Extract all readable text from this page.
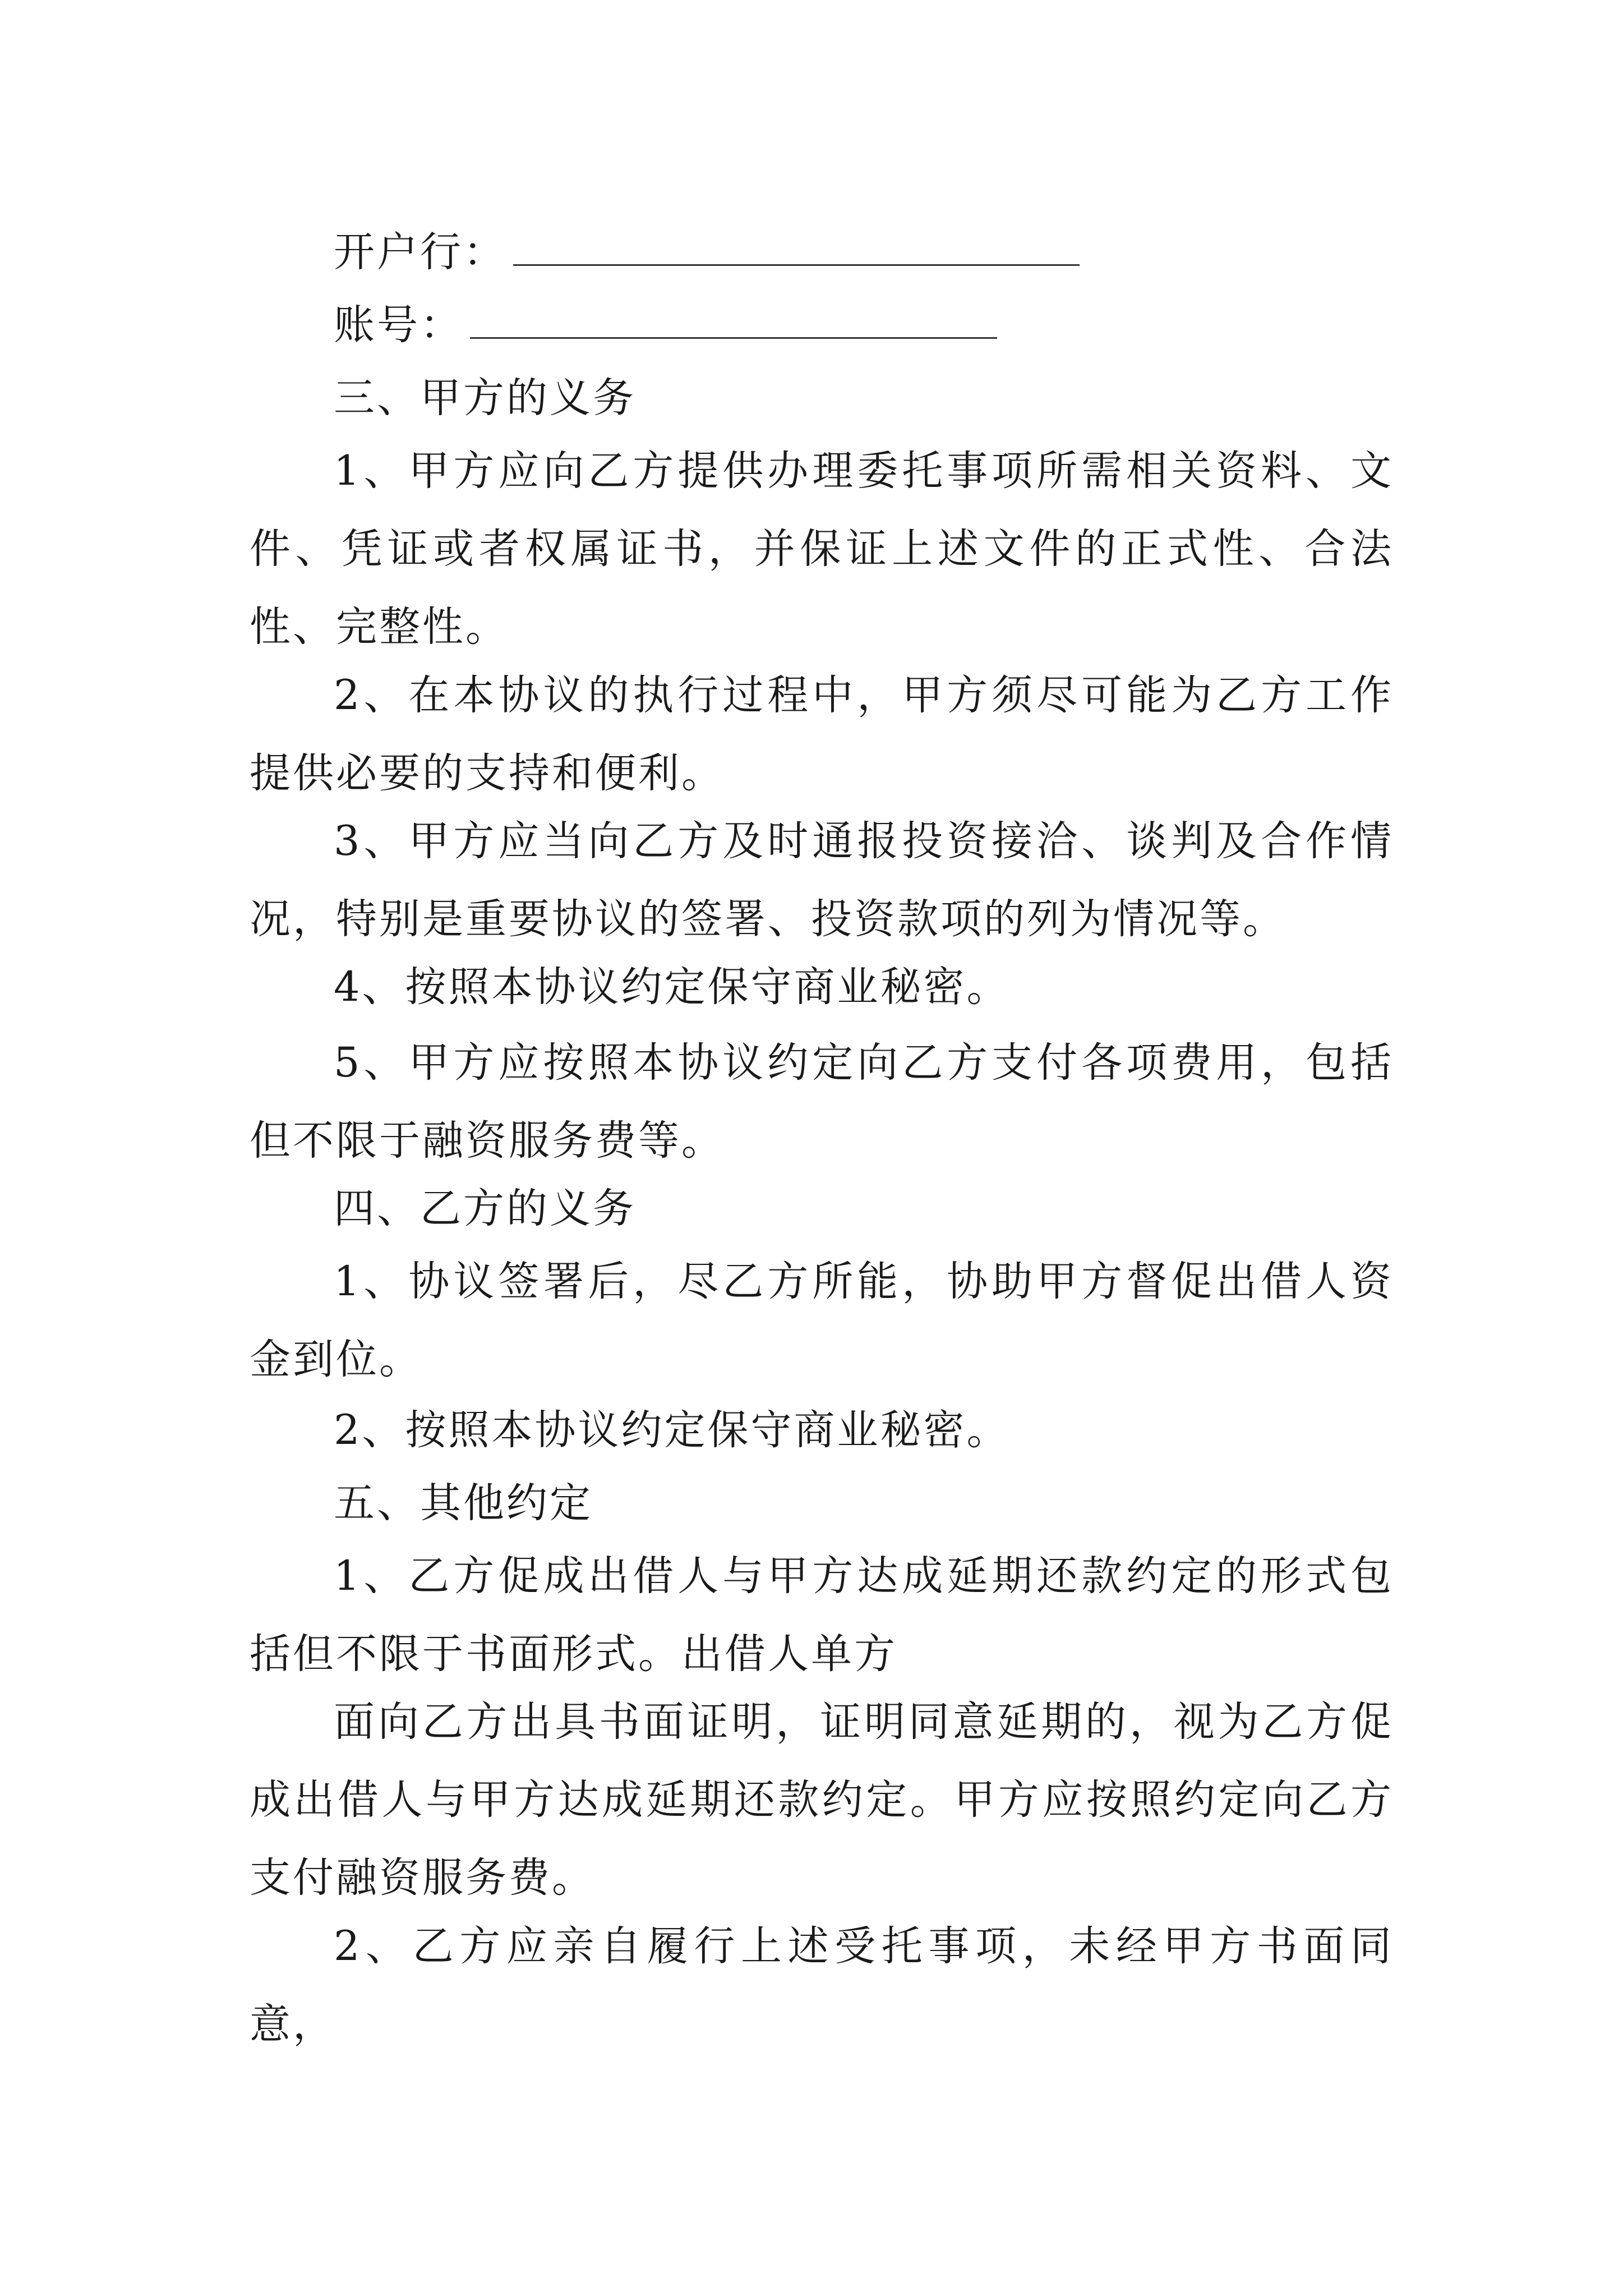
开户行：
账号：
三、甲方的义务
1、甲方应向乙方提供办理委托事项所需相关资料、文件、凭证或者权属证书，并保证上述文件的正式性、合法性、完整性。
2、在本协议的执行过程中，甲方须尽可能为乙方工作提供必要的支持和便利。
3、甲方应当向乙方及时通报投资接洽、谈判及合作情况，特别是重要协议的签署、投资款项的列为情况等。
4、按照本协议约定保守商业秘密。
5、甲方应按照本协议约定向乙方支付各项费用，包括但不限于融资服务费等。
四、乙方的义务
1、协议签署后，尽乙方所能，协助甲方督促出借人资金到位。
2、按照本协议约定保守商业秘密。
五、其他约定
1、乙方促成出借人与甲方达成延期还款约定的形式包括但不限于书面形式。出借人单方
面向乙方出具书面证明，证明同意延期的，视为乙方促成出借人与甲方达成延期还款约定。甲方应按照约定向乙方支付融资服务费。
2、乙方应亲自履行上述受托事项，未经甲方书面同意，
